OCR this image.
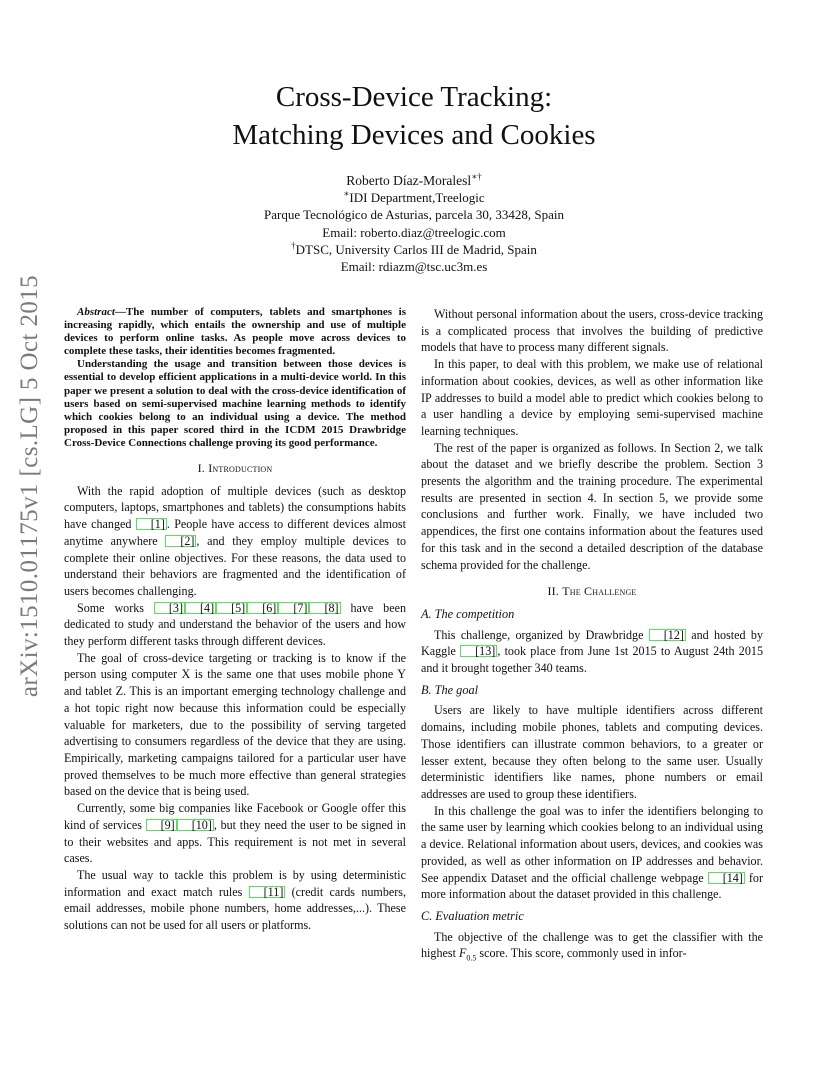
arXiv:1510.01175v1 [cs.LG] 5 Oct 2015
Cross-Device Tracking:
Matching Devices and Cookies
Roberto Díaz-Moralesl∗†
∗IDI Department,Treelogic
Parque Tecnológico de Asturias, parcela 30, 33428, Spain
Email: roberto.diaz@treelogic.com
†DTSC, University Carlos III de Madrid, Spain
Email: rdiazm@tsc.uc3m.es

Abstract—The number of computers, tablets and smartphones is increasing rapidly, which entails the ownership and use of multiple devices to perform online tasks. As people move across devices to complete these tasks, their identities becomes fragmented.

Understanding the usage and transition between those devices is essential to develop efficient applications in a multi-device world. In this paper we present a solution to deal with the cross-device identification of users based on semi-supervised machine learning methods to identify which cookies belong to an individual using a device. The method proposed in this paper scored third in the ICDM 2015 Drawbridge Cross-Device Connections challenge proving its good performance.

I. Introduction

With the rapid adoption of multiple devices (such as desktop computers, laptops, smartphones and tablets) the consumptions habits have changed [1] . People have access to different devices almost anytime anywhere [2] , and they employ multiple devices to complete their online objectives. For these reasons, the data used to understand their behaviors are fragmented and the identification of users becomes challenging.

Some works [3] [4] [5] [6] [7] [8] have been dedicated to study and understand the behavior of the users and how they perform different tasks through different devices.

The goal of cross-device targeting or tracking is to know if the person using computer X is the same one that uses mobile phone Y and tablet Z. This is an important emerging technology challenge and a hot topic right now because this information could be especially valuable for marketers, due to the possibility of serving targeted advertising to consumers regardless of the device that they are using. Empirically, marketing campaigns tailored for a particular user have proved themselves to be much more effective than general strategies based on the device that is being used.

Currently, some big companies like Facebook or Google offer this kind of services [9] [10] , but they need the user to be signed in to their websites and apps. This requirement is not met in several cases.

The usual way to tackle this problem is by using deterministic information and exact match rules [11] (credit cards numbers, email addresses, mobile phone numbers, home addresses,...). These solutions can not be used for all users or platforms.

Without personal information about the users, cross-device tracking is a complicated process that involves the building of predictive models that have to process many different signals.

In this paper, to deal with this problem, we make use of relational information about cookies, devices, as well as other information like IP addresses to build a model able to predict which cookies belong to a user handling a device by employing semi-supervised machine learning techniques.

The rest of the paper is organized as follows. In Section 2, we talk about the dataset and we briefly describe the problem. Section 3 presents the algorithm and the training procedure. The experimental results are presented in section 4. In section 5, we provide some conclusions and further work. Finally, we have included two appendices, the first one contains information about the features used for this task and in the second a detailed description of the database schema provided for the challenge.

II. The Challenge
A. The competition

This challenge, organized by Drawbridge [12] and hosted by Kaggle [13] , took place from June 1st 2015 to August 24th 2015 and it brought together 340 teams.

B. The goal

Users are likely to have multiple identifiers across different domains, including mobile phones, tablets and computing devices. Those identifiers can illustrate common behaviors, to a greater or lesser extent, because they often belong to the same user. Usually deterministic identifiers like names, phone numbers or email addresses are used to group these identifiers.

In this challenge the goal was to infer the identifiers belonging to the same user by learning which cookies belong to an individual using a device. Relational information about users, devices, and cookies was provided, as well as other information on IP addresses and behavior. See appendix Dataset and the official challenge webpage [14] for more information about the dataset provided in this challenge.

C. Evaluation metric

The objective of the challenge was to get the classifier with the highest $F_{0.5}$ score. This score, commonly used in infor-
